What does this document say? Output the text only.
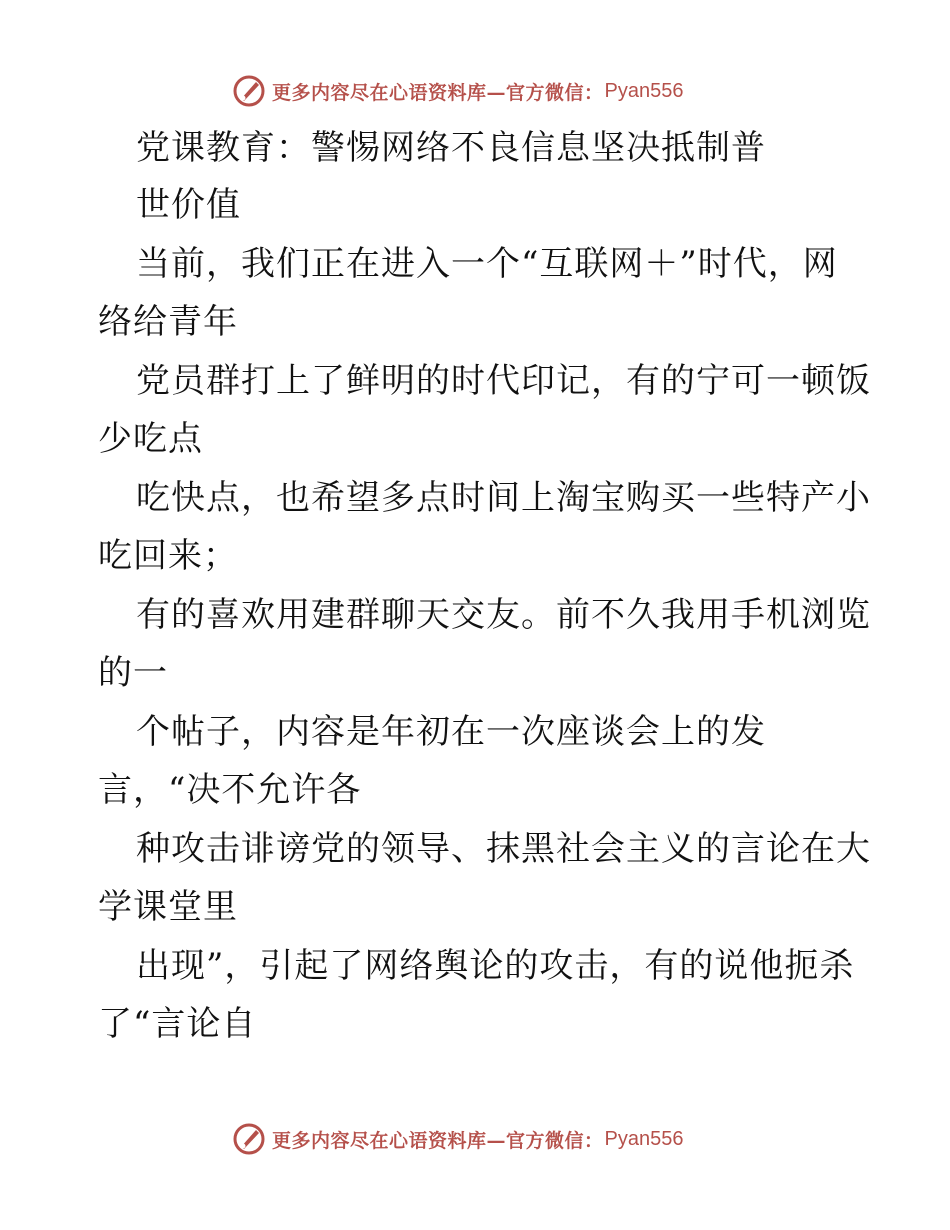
更多内容尽在心语资料库—官方微信： Pyan556
党课教育：警惕网络不良信息坚决抵制普
世价值
当前，我们正在进入一个“互联网＋”时代，网
络给青年
党员群打上了鲜明的时代印记，有的宁可一顿饭
少吃点
吃快点，也希望多点时间上淘宝购买一些特产小
吃回来；
有的喜欢用建群聊天交友。前不久我用手机浏览
的一
个帖子，内容是年初在一次座谈会上的发
言，“决不允许各
种攻击诽谤党的领导、抹黑社会主义的言论在大
学课堂里
出现”，引起了网络舆论的攻击，有的说他扼杀
了“言论自
更多内容尽在心语资料库—官方微信： Pyan556
